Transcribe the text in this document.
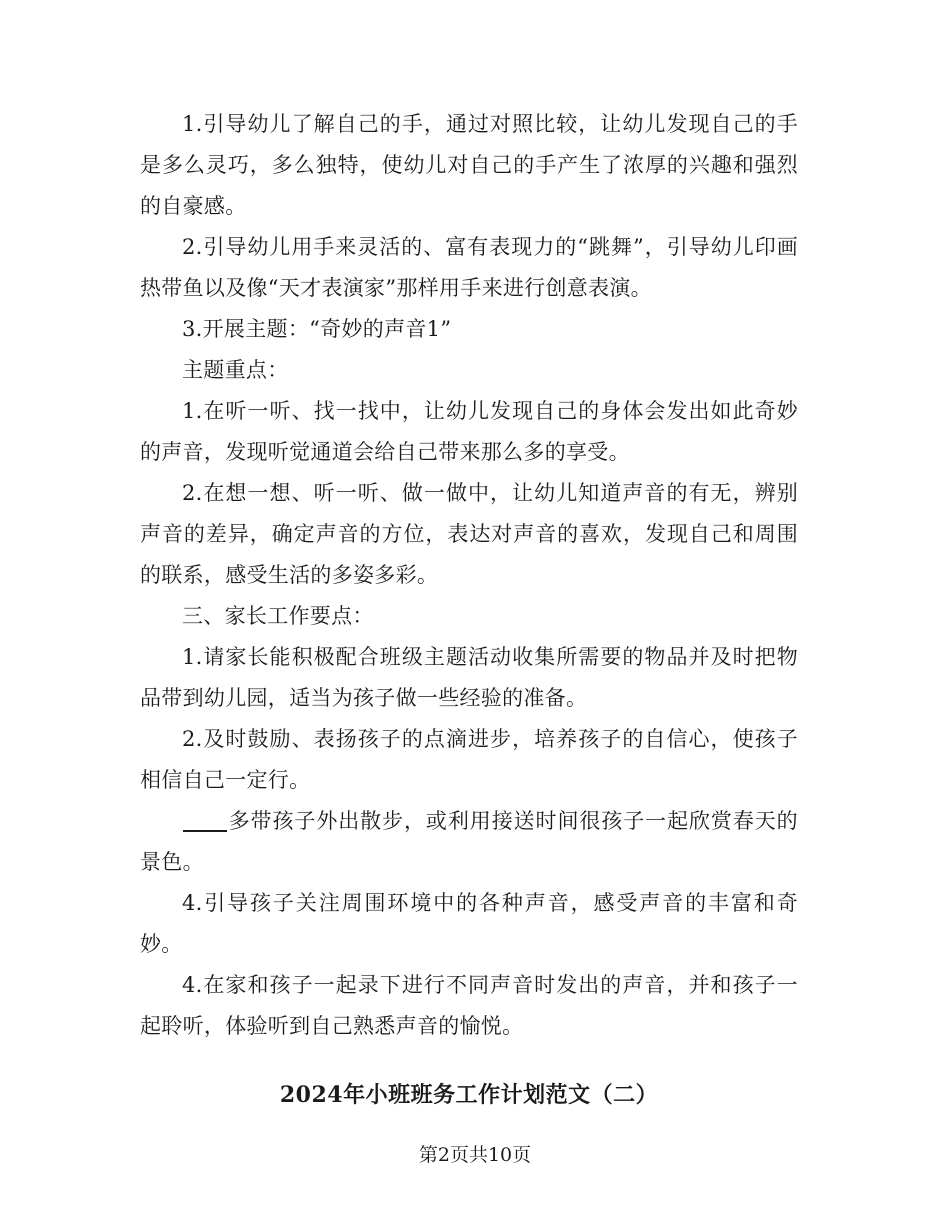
1.引导幼儿了解自己的手，通过对照比较，让幼儿发现自己的手是多么灵巧，多么独特，使幼儿对自己的手产生了浓厚的兴趣和强烈的自豪感。

2.引导幼儿用手来灵活的、富有表现力的“跳舞”，引导幼儿印画热带鱼以及像“天才表演家”那样用手来进行创意表演。

3.开展主题：“奇妙的声音1”

主题重点：

1.在听一听、找一找中，让幼儿发现自己的身体会发出如此奇妙的声音，发现听觉通道会给自己带来那么多的享受。

2.在想一想、听一听、做一做中，让幼儿知道声音的有无，辨别声音的差异，确定声音的方位，表达对声音的喜欢，发现自己和周围的联系，感受生活的多姿多彩。

三、家长工作要点：

1.请家长能积极配合班级主题活动收集所需要的物品并及时把物品带到幼儿园，适当为孩子做一些经验的准备。

2.及时鼓励、表扬孩子的点滴进步，培养孩子的自信心，使孩子相信自己一定行。

多带孩子外出散步，或利用接送时间很孩子一起欣赏春天的景色。

4.引导孩子关注周围环境中的各种声音，感受声音的丰富和奇妙。

4.在家和孩子一起录下进行不同声音时发出的声音，并和孩子一起聆听，体验听到自己熟悉声音的愉悦。

2024年小班班务工作计划范文（二）

第2页共10页
